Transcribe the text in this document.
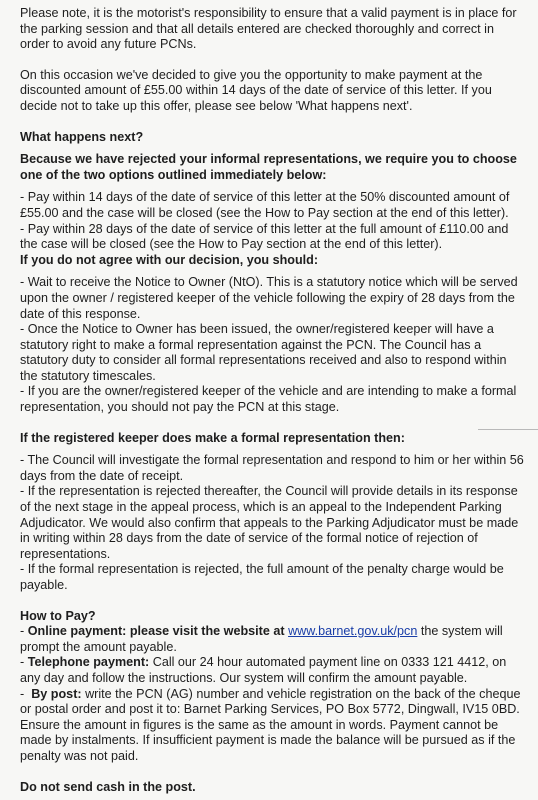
Please note, it is the motorist's responsibility to ensure that a valid payment is in place for the parking session and that all details entered are checked thoroughly and correct in order to avoid any future PCNs.

On this occasion we've decided to give you the opportunity to make payment at the discounted amount of £55.00 within 14 days of the date of service of this letter. If you decide not to take up this offer, please see below 'What happens next'.

What happens next?

Because we have rejected your informal representations, we require you to choose one of the two options outlined immediately below:

- Pay within 14 days of the date of service of this letter at the 50% discounted amount of £55.00 and the case will be closed (see the How to Pay section at the end of this letter).

- Pay within 28 days of the date of service of this letter at the full amount of £110.00 and the case will be closed (see the How to Pay section at the end of this letter).

If you do not agree with our decision, you should:

- Wait to receive the Notice to Owner (NtO). This is a statutory notice which will be served upon the owner / registered keeper of the vehicle following the expiry of 28 days from the date of this response.

- Once the Notice to Owner has been issued, the owner/registered keeper will have a statutory right to make a formal representation against the PCN. The Council has a statutory duty to consider all formal representations received and also to respond within the statutory timescales.

- If you are the owner/registered keeper of the vehicle and are intending to make a formal representation, you should not pay the PCN at this stage.

If the registered keeper does make a formal representation then:

- The Council will investigate the formal representation and respond to him or her within 56 days from the date of receipt.

- If the representation is rejected thereafter, the Council will provide details in its response of the next stage in the appeal process, which is an appeal to the Independent Parking Adjudicator. We would also confirm that appeals to the Parking Adjudicator must be made in writing within 28 days from the date of service of the formal notice of rejection of representations.

- If the formal representation is rejected, the full amount of the penalty charge would be payable.

How to Pay?

- Online payment: please visit the website at www.barnet.gov.uk/pcn the system will prompt the amount payable.

- Telephone payment: Call our 24 hour automated payment line on 0333 121 4412, on any day and follow the instructions. Our system will confirm the amount payable.

-  By post: write the PCN (AG) number and vehicle registration on the back of the cheque or postal order and post it to: Barnet Parking Services, PO Box 5772, Dingwall, IV15 0BD. Ensure the amount in figures is the same as the amount in words. Payment cannot be made by instalments. If insufficient payment is made the balance will be pursued as if the penalty was not paid.

Do not send cash in the post.
